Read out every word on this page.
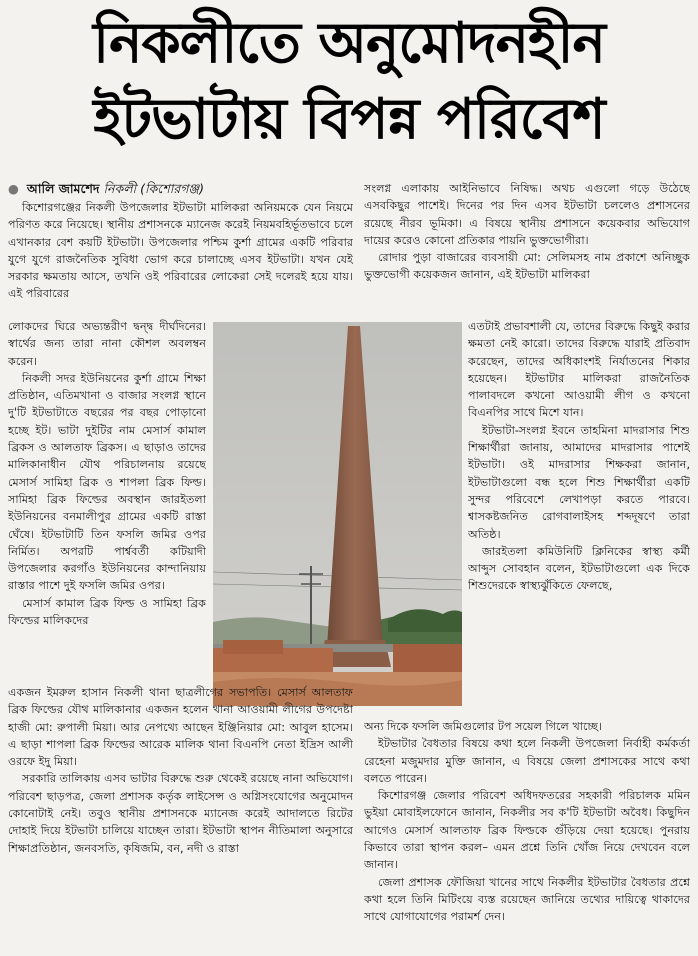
নিকলীতে অনুমোদনহীন
ইটভাটায় বিপন্ন পরিবেশ
● আলি জামশেদ নিকলী (কিশোরগঞ্জ)

কিশোরগঞ্জের নিকলী উপজেলার ইটভাটা মালিকরা অনিয়মকে যেন নিয়মে পরিণত করে নিয়েছে। স্থানীয় প্রশাসনকে ম্যানেজ করেই নিয়মবহির্ভূতভাবে চলে এখানকার বেশ কয়টি ইটভাটা। উপজেলার পশ্চিম কুর্শা গ্রামের একটি পরিবার যুগে যুগে রাজনৈতিক সুবিধা ভোগ করে চালাচ্ছে এসব ইটভাটা। যখন যেই সরকার ক্ষমতায় আসে, তখনি ওই পরিবারের লোকেরা সেই দলেরই হয়ে যায়। এই পরিবারের

লোকদের ঘিরে অভ্যন্তরীণ দ্বন্দ্ব দীর্ঘদিনের। স্বার্থের জন্য তারা নানা কৌশল অবলম্বন করেন।

নিকলী সদর ইউনিয়নের কুর্শা গ্রামে শিক্ষা প্রতিষ্ঠান, এতিমখানা ও বাজার সংলগ্ন স্থানে দু'টি ইটভাটাতে বছরের পর বছর পোড়ানো হচ্ছে ইট। ভাটা দুইটির নাম মেসার্স কামাল ব্রিকস ও আলতাফ ব্রিকস। এ ছাড়াও তাদের মালিকানাধীন যৌথ পরিচালনায় রয়েছে মেসার্স সামিহা ব্রিক ও শাপলা ব্রিক ফিল্ড। সামিহা ব্রিক ফিল্ডের অবস্থান জারইতলা ইউনিয়নের বনমালীপুর গ্রামের একটি রাস্তা ঘেঁষে। ইটভাটাটি তিন ফসলি জমির ওপর নির্মিত। অপরটি পার্শ্ববর্তী কটিয়াদী উপজেলার করগাঁও ইউনিয়নের কান্দানিয়ায় রাস্তার পাশে দুই ফসলি জমির ওপর।

মেসার্স কামাল ব্রিক ফিল্ড ও সামিহা ব্রিক ফিল্ডের মালিকদের

একজন ইমরুল হাসান নিকলী থানা ছাত্রলীগের সভাপতি। মেসার্স আলতাফ ব্রিক ফিল্ডের যৌথ মালিকানার একজন হলেন থানা আওয়ামী লীগের উপদেষ্টা হাজী মো: রুপালী মিয়া। আর নেপথ্যে আছেন ইঞ্জিনিয়ার মো: আবুল হাসেম। এ ছাড়া শাপলা ব্রিক ফিল্ডের আরেক মালিক থানা বিএনপি নেতা ইদ্রিস আলী ওরফে ইদু মিয়া।

সরকারি তালিকায় এসব ভাটার বিরুদ্ধে শুরু থেকেই রয়েছে নানা অভিযোগ। পরিবেশ ছাড়পত্র, জেলা প্রশাসক কর্তৃক লাইসেন্স ও অগ্নিসংযোগের অনুমোদন কোনোটাই নেই। তবুও স্থানীয় প্রশাসনকে ম্যানেজ করেই আদালতে রিটের দোহাই দিয়ে ইটভাটা চালিয়ে যাচ্ছেন তারা। ইটভাটা স্থাপন নীতিমালা অনুসারে শিক্ষাপ্রতিষ্ঠান, জনবসতি, কৃষিজমি, বন, নদী ও রাস্তা

সংলগ্ন এলাকায় আইনিভাবে নিষিদ্ধ। অথচ এগুলো গড়ে উঠেছে এসবকিছুর পাশেই। দিনের পর দিন এসব ইটভাটা চললেও প্রশাসনের রয়েছে নীরব ভূমিকা। এ বিষয়ে স্থানীয় প্রশাসনে কয়েকবার অভিযোগ দায়ের করেও কোনো প্রতিকার পায়নি ভুক্তভোগীরা।

রোদার পুড়া বাজারের ব্যবসায়ী মো: সেলিমসহ নাম প্রকাশে অনিচ্ছুক ভুক্তভোগী কয়েকজন জানান, এই ইটভাটা মালিকরা

এতটাই প্রভাবশালী যে, তাদের বিরুদ্ধে কিছুই করার ক্ষমতা নেই কারো। তাদের বিরুদ্ধে যারাই প্রতিবাদ করেছেন, তাদের অধিকাংশই নির্যাতনের শিকার হয়েছেন। ইটভাটার মালিকরা রাজনৈতিক পালাবদলে কখনো আওয়ামী লীগ ও কখনো বিএনপির সাথে মিশে যান।

ইটভাটা-সংলগ্ন ইবনে তাহমিনা মাদরাসার শিশু শিক্ষার্থীরা জানায়, আমাদের মাদরাসার পাশেই ইটভাটা। ওই মাদরাসার শিক্ষকরা জানান, ইটভাটাগুলো বন্ধ হলে শিশু শিক্ষার্থীরা একটি সুন্দর পরিবেশে লেখাপড়া করতে পারবে। শ্বাসকষ্টজনিত রোগবালাইসহ শব্দদূষণে তারা অতিষ্ঠ।

জারইতলা কমিউনিটি ক্লিনিকের স্বাস্থ্য কর্মী আব্দুস সোবহান বলেন, ইটভাটাগুলো এক দিকে শিশুদেরকে স্বাস্থ্যঝুঁকিতে ফেলছে,

অন্য দিকে ফসলি জমিগুলোর টপ সয়েল গিলে খাচ্ছে।

ইটভাটার বৈধতার বিষয়ে কথা হলে নিকলী উপজেলা নির্বাহী কর্মকর্তা রেহেনা মজুমদার মুক্তি জানান, এ বিষয়ে জেলা প্রশাসকের সাথে কথা বলতে পারেন।

কিশোরগঞ্জ জেলার পরিবেশ অধিদফতরের সহকারী পরিচালক মমিন ভুইয়া মোবাইলফোনে জানান, নিকলীর সব ক'টি ইটভাটা অবৈধ। কিছুদিন আগেও মেসার্স আলতাফ ব্রিক ফিল্ডকে গুঁড়িয়ে দেয়া হয়েছে। পুনরায় কিভাবে তারা স্থাপন করল– এমন প্রশ্নে তিনি খোঁজ নিয়ে দেখবেন বলে জানান।

জেলা প্রশাসক ফৌজিয়া খানের সাথে নিকলীর ইটভাটার বৈধতার প্রশ্নে কথা হলে তিনি মিটিংয়ে ব্যস্ত রয়েছেন জানিয়ে তথ্যের দায়িত্বে থাকাদের সাথে যোগাযোগের পরামর্শ দেন।
